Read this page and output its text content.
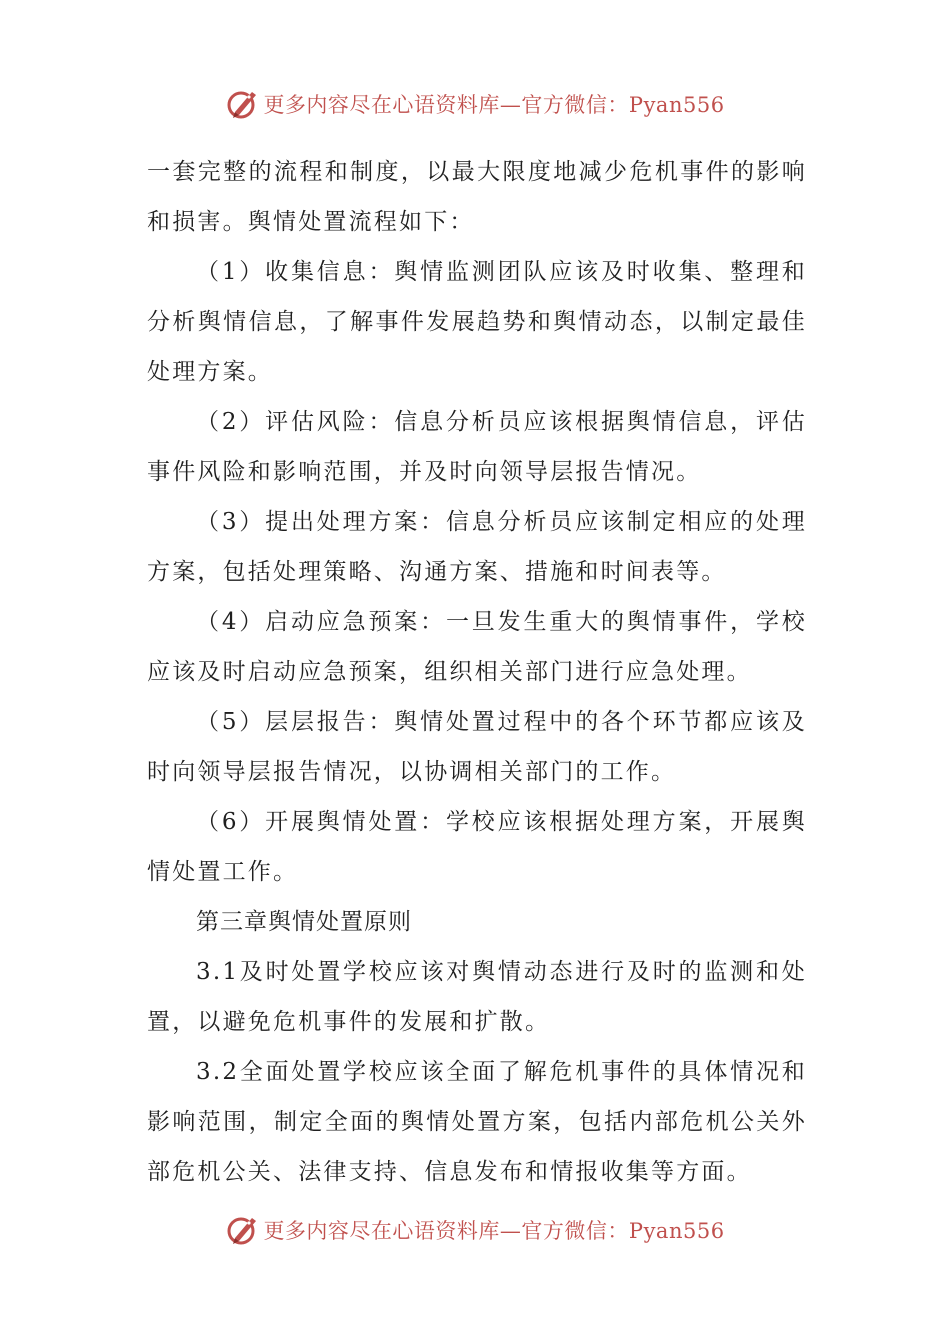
更多内容尽在心语资料库—官方微信：Pyan556

一套完整的流程和制度，以最大限度地减少危机事件的影响和损害。舆情处置流程如下：

（1）收集信息：舆情监测团队应该及时收集、整理和分析舆情信息，了解事件发展趋势和舆情动态，以制定最佳处理方案。

（2）评估风险：信息分析员应该根据舆情信息，评估事件风险和影响范围，并及时向领导层报告情况。

（3）提出处理方案：信息分析员应该制定相应的处理方案，包括处理策略、沟通方案、措施和时间表等。

（4）启动应急预案：一旦发生重大的舆情事件，学校应该及时启动应急预案，组织相关部门进行应急处理。

（5）层层报告：舆情处置过程中的各个环节都应该及时向领导层报告情况，以协调相关部门的工作。

（6）开展舆情处置：学校应该根据处理方案，开展舆情处置工作。

第三章舆情处置原则

3.1及时处置学校应该对舆情动态进行及时的监测和处置，以避免危机事件的发展和扩散。

3.2全面处置学校应该全面了解危机事件的具体情况和影响范围，制定全面的舆情处置方案，包括内部危机公关外部危机公关、法律支持、信息发布和情报收集等方面。

更多内容尽在心语资料库—官方微信：Pyan556
